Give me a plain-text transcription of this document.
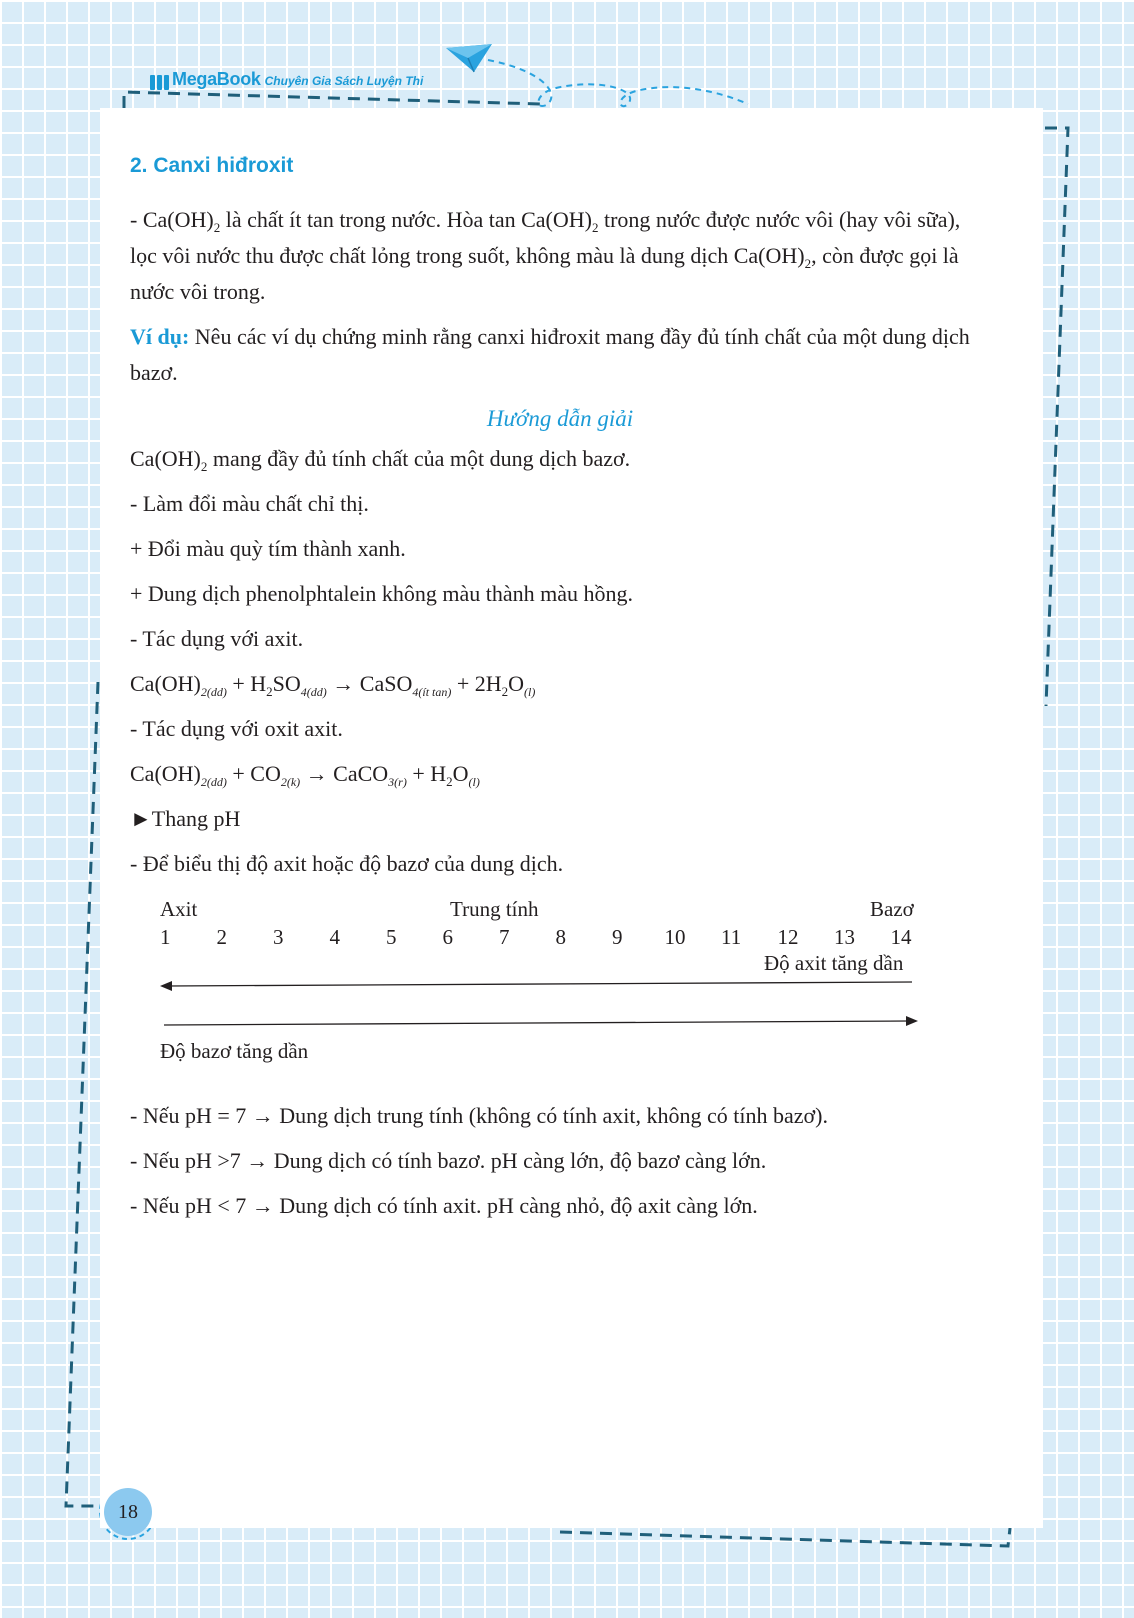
MegaBook Chuyên Gia Sách Luyện Thi

2. Canxi hiđroxit

- $Ca(OH)_2$ là chất ít tan trong nước. Hòa $\tan Ca(OH)_2$ trong nước được nước vôi (hay vôi sữa), lọc vôi nước thu được chất lỏng trong suốt, không màu là dung dịch $Ca(OH)_2$, còn được gọi là nước vôi trong.

Ví dụ: Nêu các ví dụ chứng minh rằng canxi hiđroxit mang đầy đủ tính chất của một dung dịch bazơ.

Hướng dẫn giải

$Ca(OH)_2$ mang đầy đủ tính chất của một dung dịch bazơ.

- Làm đổi màu chất chỉ thị.

+ Đổi màu quỳ tím thành xanh.

+ Dung dịch phenolphtalein không màu thành màu hồng.

- Tác dụng với axit.

$Ca(OH)_{2(dd)} + H_2SO_{4(dd)}$ → CaSO$_{4(ít tan)}$ + $2H_2O_{(l)}$

- Tác dụng với oxit axit.

$Ca(OH)_{2(dd)} + CO_{2(k)}$ → CaCO$_{3(r)}$ + $H_2O_{(l)}$

►Thang pH

- Để biểu thị độ axit hoặc độ bazơ của dung dịch.

Axit	Trung tính	Bazơ
1 2 3 4 5 6 7 8 9 10 11 12 13 14
Độ axit tăng dần
Độ bazơ tăng dần

- Nếu pH = 7 → Dung dịch trung tính (không có tính axit, không có tính bazơ).

- Nếu pH >7 → Dung dịch có tính bazơ. pH càng lớn, độ bazơ càng lớn.

- Nếu pH < 7 → Dung dịch có tính axit. pH càng nhỏ, độ axit càng lớn.

18
